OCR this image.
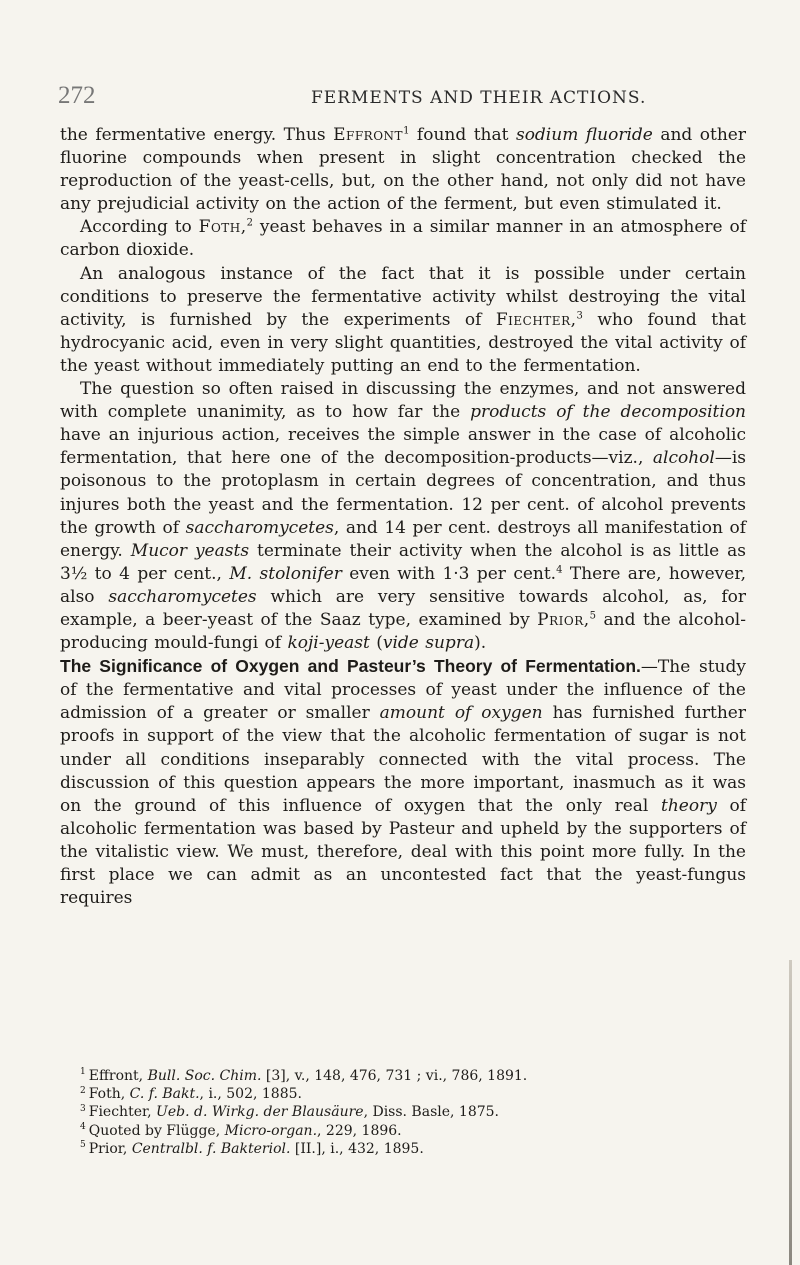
272	FERMENTS AND THEIR ACTIONS.

the fermentative energy. Thus Effront$^1$ found that sodium fluoride and other fluorine compounds when present in slight concentration checked the reproduction of the yeast-cells, but, on the other hand, not only did not have any prejudicial activity on the action of the ferment, but even stimulated it.

According to Foth,$^2$ yeast behaves in a similar manner in an atmosphere of carbon dioxide.

An analogous instance of the fact that it is possible under certain conditions to preserve the fermentative activity whilst destroying the vital activity, is furnished by the experiments of Fiechter,$^3$ who found that hydrocyanic acid, even in very slight quantities, destroyed the vital activity of the yeast without immediately putting an end to the fermentation.

The question so often raised in discussing the enzymes, and not answered with complete unanimity, as to how far the products of the decomposition have an injurious action, receives the simple answer in the case of alcoholic fermentation, that here one of the decomposition-products—viz., alcohol—is poisonous to the protoplasm in certain degrees of concentration, and thus injures both the yeast and the fermentation. 12 per cent. of alcohol prevents the growth of saccharomycetes, and 14 per cent. destroys all manifestation of energy. Mucor yeasts terminate their activity when the alcohol is as little as 3½ to 4 per cent., M. stolonifer even with 1·3 per cent.$^4$ There are, however, also saccharomycetes which are very sensitive towards alcohol, as, for example, a beer-yeast of the Saaz type, examined by Prior,$^5$ and the alcohol-producing mould-fungi of koji-yeast (vide supra).

The Significance of Oxygen and Pasteur’s Theory of Fermentation.—The study of the fermentative and vital processes of yeast under the influence of the admission of a greater or smaller amount of oxygen has furnished further proofs in support of the view that the alcoholic fermentation of sugar is not under all conditions inseparably connected with the vital process. The discussion of this question appears the more important, inasmuch as it was on the ground of this influence of oxygen that the only real theory of alcoholic fermentation was based by Pasteur and upheld by the supporters of the vitalistic view. We must, therefore, deal with this point more fully. In the first place we can admit as an uncontested fact that the yeast-fungus requires

$^1$ Effront, Bull. Soc. Chim. [3], v., 148, 476, 731 ; vi., 786, 1891.

$^2$ Foth, C. f. Bakt., i., 502, 1885.

$^3$ Fiechter, Ueb. d. Wirkg. der Blausäure, Diss. Basle, 1875.

$^4$ Quoted by Flügge, Micro-organ., 229, 1896.

$^5$ Prior, Centralbl. f. Bakteriol. [II.], i., 432, 1895.
